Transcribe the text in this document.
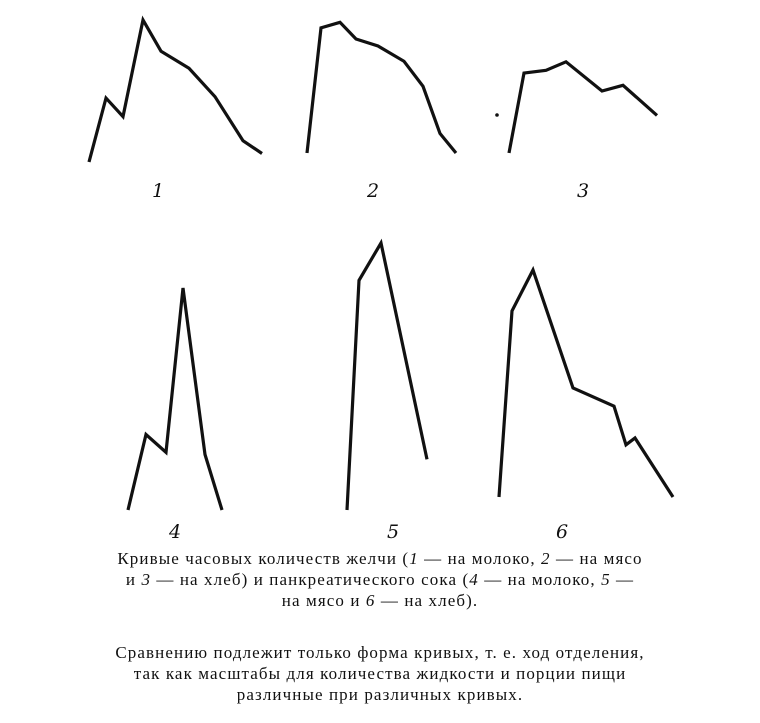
1	2	3
4	5	6

Кривые часовых количеств желчи (1 — на молоко, 2 — на мясо
и 3 — на хлеб) и панкреатического сока (4 — на молоко, 5 —
на мясо и 6 — на хлеб).

Сравнению подлежит только форма кривых, т. е. ход отделения,
так как масштабы для количества жидкости и порции пищи
различные при различных кривых.
